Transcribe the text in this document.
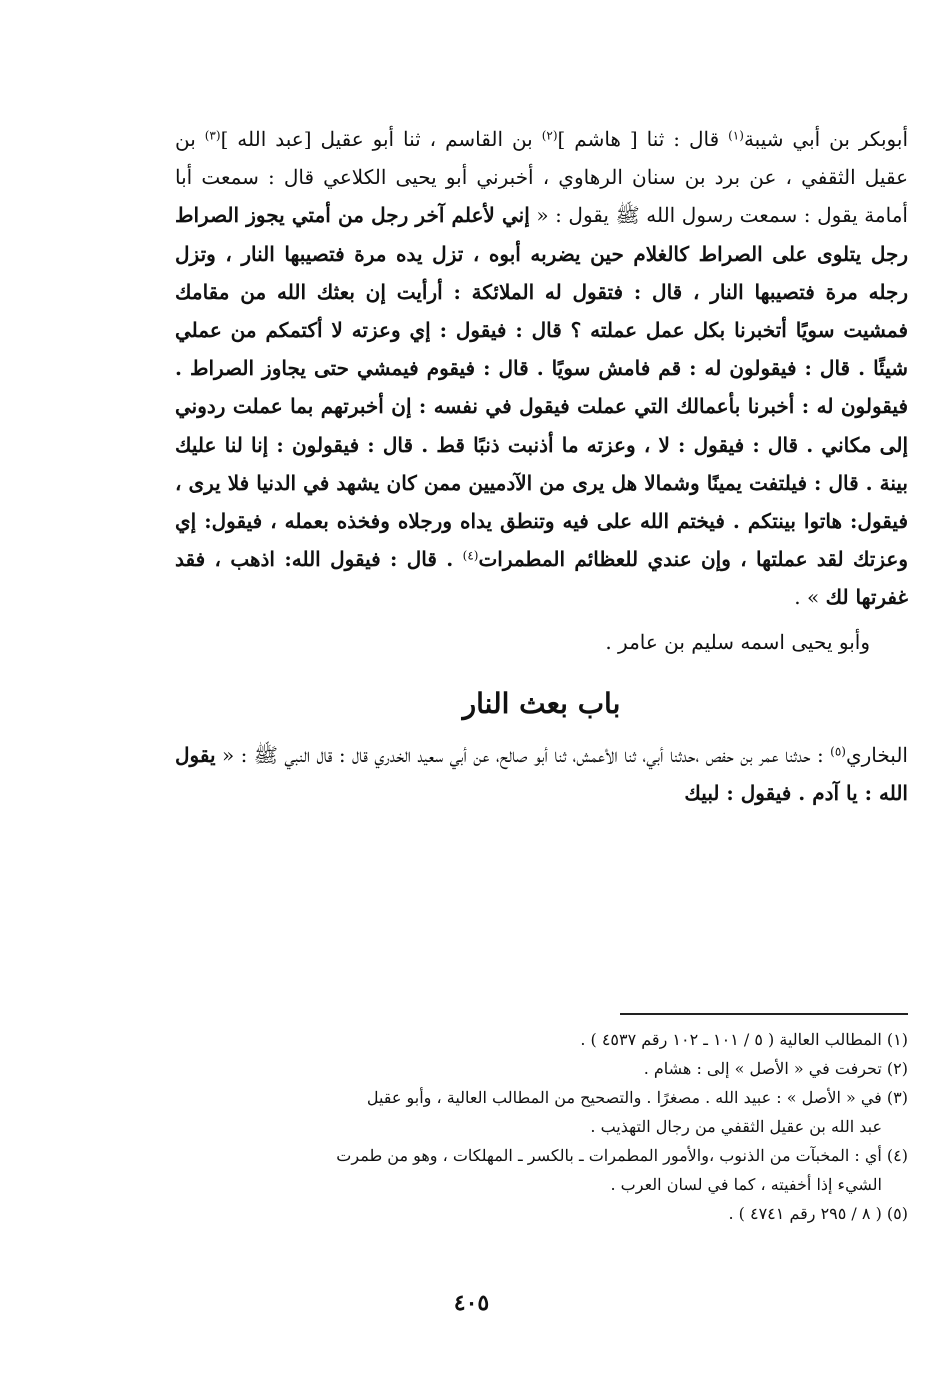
أبوبكر بن أبي شيبة$^{(١)}$ قال : ثنا [ هاشم ]$^{(٢)}$ بن القاسم ، ثنا أبو عقيل [عبد الله ]$^{(٣)}$ بن عقيل الثقفي ، عن برد بن سنان الرهاوي ، أخبرني أبو يحيى الكلاعي قال : سمعت أبا أمامة يقول : سمعت رسول الله ﷺ يقول : « إني لأعلم آخر رجل من أمتي يجوز الصراط رجل يتلوى على الصراط كالغلام حين يضربه أبوه ، تزل يده مرة فتصيبها النار ، وتزل رجله مرة فتصيبها النار ، قال : فتقول له الملائكة : أرأيت إن بعثك الله من مقامك فمشيت سويًا أتخبرنا بكل عمل عملته ؟ قال : فيقول : إي وعزته لا أكتمكم من عملي شيئًا . قال : فيقولون له : قم فامش سويًا . قال : فيقوم فيمشي حتى يجاوز الصراط . فيقولون له : أخبرنا بأعمالك التي عملت فيقول في نفسه : إن أخبرتهم بما عملت ردوني إلى مكاني . قال : فيقول : لا ، وعزته ما أذنبت ذنبًا قط . قال : فيقولون : إنا لنا عليك بينة . قال : فيلتفت يمينًا وشمالا هل يرى من الآدميين ممن كان يشهد في الدنيا فلا يرى ، فيقول: هاتوا بينتكم . فيختم الله على فيه وتنطق يداه ورجلاه وفخذه بعمله ، فيقول: إي وعزتك لقد عملتها ، وإن عندي للعظائم المطمرات$^{(٤)}$ . قال : فيقول الله: اذهب ، فقد غفرتها لك » .

وأبو يحيى اسمه سليم بن عامر .

باب بعث النار

البخاري$^{(٥)}$ : حدثنا عمر بن حفص ،حدثنا أبي، ثنا الأعمش، ثنا أبو صالح، عن أبي سعيد الخدري قال : قال النبي ﷺ : « يقول الله : يا آدم . فيقول : لبيك

(١) المطالب العالية ( ٥ / ١٠١ ـ ١٠٢ رقم ٤٥٣٧ ) .

(٢) تحرفت في « الأصل » إلى : هشام .

(٣) في « الأصل » : عبيد الله . مصغرًا . والتصحيح من المطالب العالية ، وأبو عقيل

عبد الله بن عقيل الثقفي من رجال التهذيب .

(٤) أي : المخبآت من الذنوب ،والأمور المطمرات ـ بالكسر ـ المهلكات ، وهو من طمرت

الشيء إذا أخفيته ، كما في لسان العرب .

(٥) ( ٨ / ٢٩٥ رقم ٤٧٤١ ) .

٤٠٥
